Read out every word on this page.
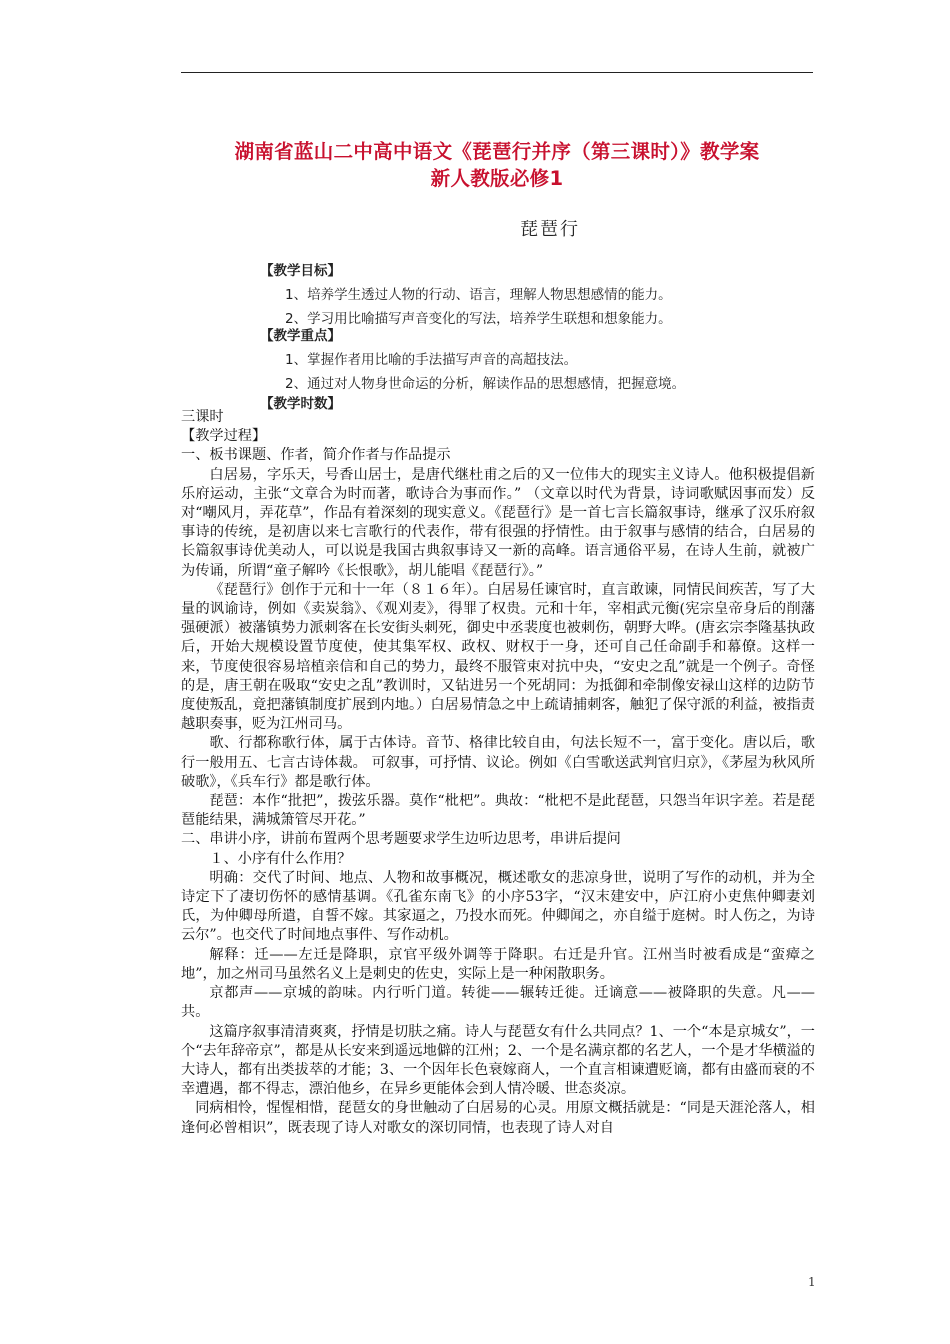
湖南省蓝山二中高中语文《琵琶行并序（第三课时）》教学案
新人教版必修1
琵琶行
【教学目标】
1、培养学生透过人物的行动、语言，理解人物思想感情的能力。
2、学习用比喻描写声音变化的写法，培养学生联想和想象能力。
【教学重点】
1、掌握作者用比喻的手法描写声音的高超技法。
2、通过对人物身世命运的分析，解读作品的思想感情，把握意境。
【教学时数】

三课时

【教学过程】

一、板书课题、作者，简介作者与作品提示

白居易，字乐天，号香山居士，是唐代继杜甫之后的又一位伟大的现实主义诗人。他积极提倡新乐府运动，主张“文章合为时而著，歌诗合为事而作。” （文章以时代为背景，诗词歌赋因事而发）反对“嘲风月，弄花草”，作品有着深刻的现实意义。《琵琶行》是一首七言长篇叙事诗，继承了汉乐府叙事诗的传统，是初唐以来七言歌行的代表作，带有很强的抒情性。由于叙事与感情的结合，白居易的长篇叙事诗优美动人，可以说是我国古典叙事诗又一新的高峰。语言通俗平易，在诗人生前，就被广为传诵，所谓“童子解吟《长恨歌》，胡儿能唱《琵琶行》。”

《琵琶行》创作于元和十一年（８１６年）。白居易任谏官时，直言敢谏，同情民间疾苦，写了大量的讽谕诗，例如《卖炭翁》、《观刈麦》，得罪了权贵。元和十年，宰相武元衡(宪宗皇帝身后的削藩强硬派）被藩镇势力派刺客在长安街头刺死，御史中丞裴度也被刺伤，朝野大哗。(唐玄宗李隆基执政后，开始大规模设置节度使，使其集军权、政权、财权于一身，还可自己任命副手和幕僚。这样一来，节度使很容易培植亲信和自己的势力，最终不服管束对抗中央，“安史之乱”就是一个例子。奇怪的是，唐王朝在吸取“安史之乱”教训时，又钻进另一个死胡同：为抵御和牵制像安禄山这样的边防节度使叛乱，竟把藩镇制度扩展到内地。）白居易情急之中上疏请捕刺客，触犯了保守派的利益，被指责越职奏事，贬为江州司马。

歌、行都称歌行体，属于古体诗。音节、格律比较自由，句法长短不一，富于变化。唐以后，歌行一般用五、七言古诗体裁。 可叙事，可抒情、议论。例如《白雪歌送武判官归京》，《茅屋为秋风所破歌》，《兵车行》都是歌行体。

琵琶：本作“批把”，拨弦乐器。莫作“枇杷”。典故：“枇杷不是此琵琶，只怨当年识字差。若是琵琶能结果，满城箫管尽开花。”

二、串讲小序，讲前布置两个思考题要求学生边听边思考，串讲后提问

１、小序有什么作用？

明确：交代了时间、地点、人物和故事概况，概述歌女的悲凉身世，说明了写作的动机，并为全诗定下了凄切伤怀的感情基调。《孔雀东南飞》的小序53字，“汉末建安中，庐江府小吏焦仲卿妻刘氏，为仲卿母所遣，自誓不嫁。其家逼之，乃投水而死。仲卿闻之，亦自缢于庭树。时人伤之，为诗云尔”。也交代了时间地点事件、写作动机。

解释：迁——左迁是降职，京官平级外调等于降职。右迁是升官。江州当时被看成是“蛮瘴之地”，加之州司马虽然名义上是刺史的佐史，实际上是一种闲散职务。

京都声——京城的韵味。内行听门道。转徙——辗转迁徙。迁谪意——被降职的失意。凡——共。

这篇序叙事清清爽爽，抒情是切肤之痛。诗人与琵琶女有什么共同点？1、一个“本是京城女”，一个“去年辞帝京”，都是从长安来到遥远地僻的江州；2、一个是名满京都的名艺人，一个是才华横溢的大诗人，都有出类拔萃的才能；3、一个因年长色衰嫁商人，一个直言相谏遭贬谪，都有由盛而衰的不幸遭遇，都不得志，漂泊他乡，在异乡更能体会到人情冷暖、世态炎凉。

同病相怜，惺惺相惜，琵琶女的身世触动了白居易的心灵。用原文概括就是：“同是天涯沦落人，相逢何必曾相识”，既表现了诗人对歌女的深切同情，也表现了诗人对自

1
